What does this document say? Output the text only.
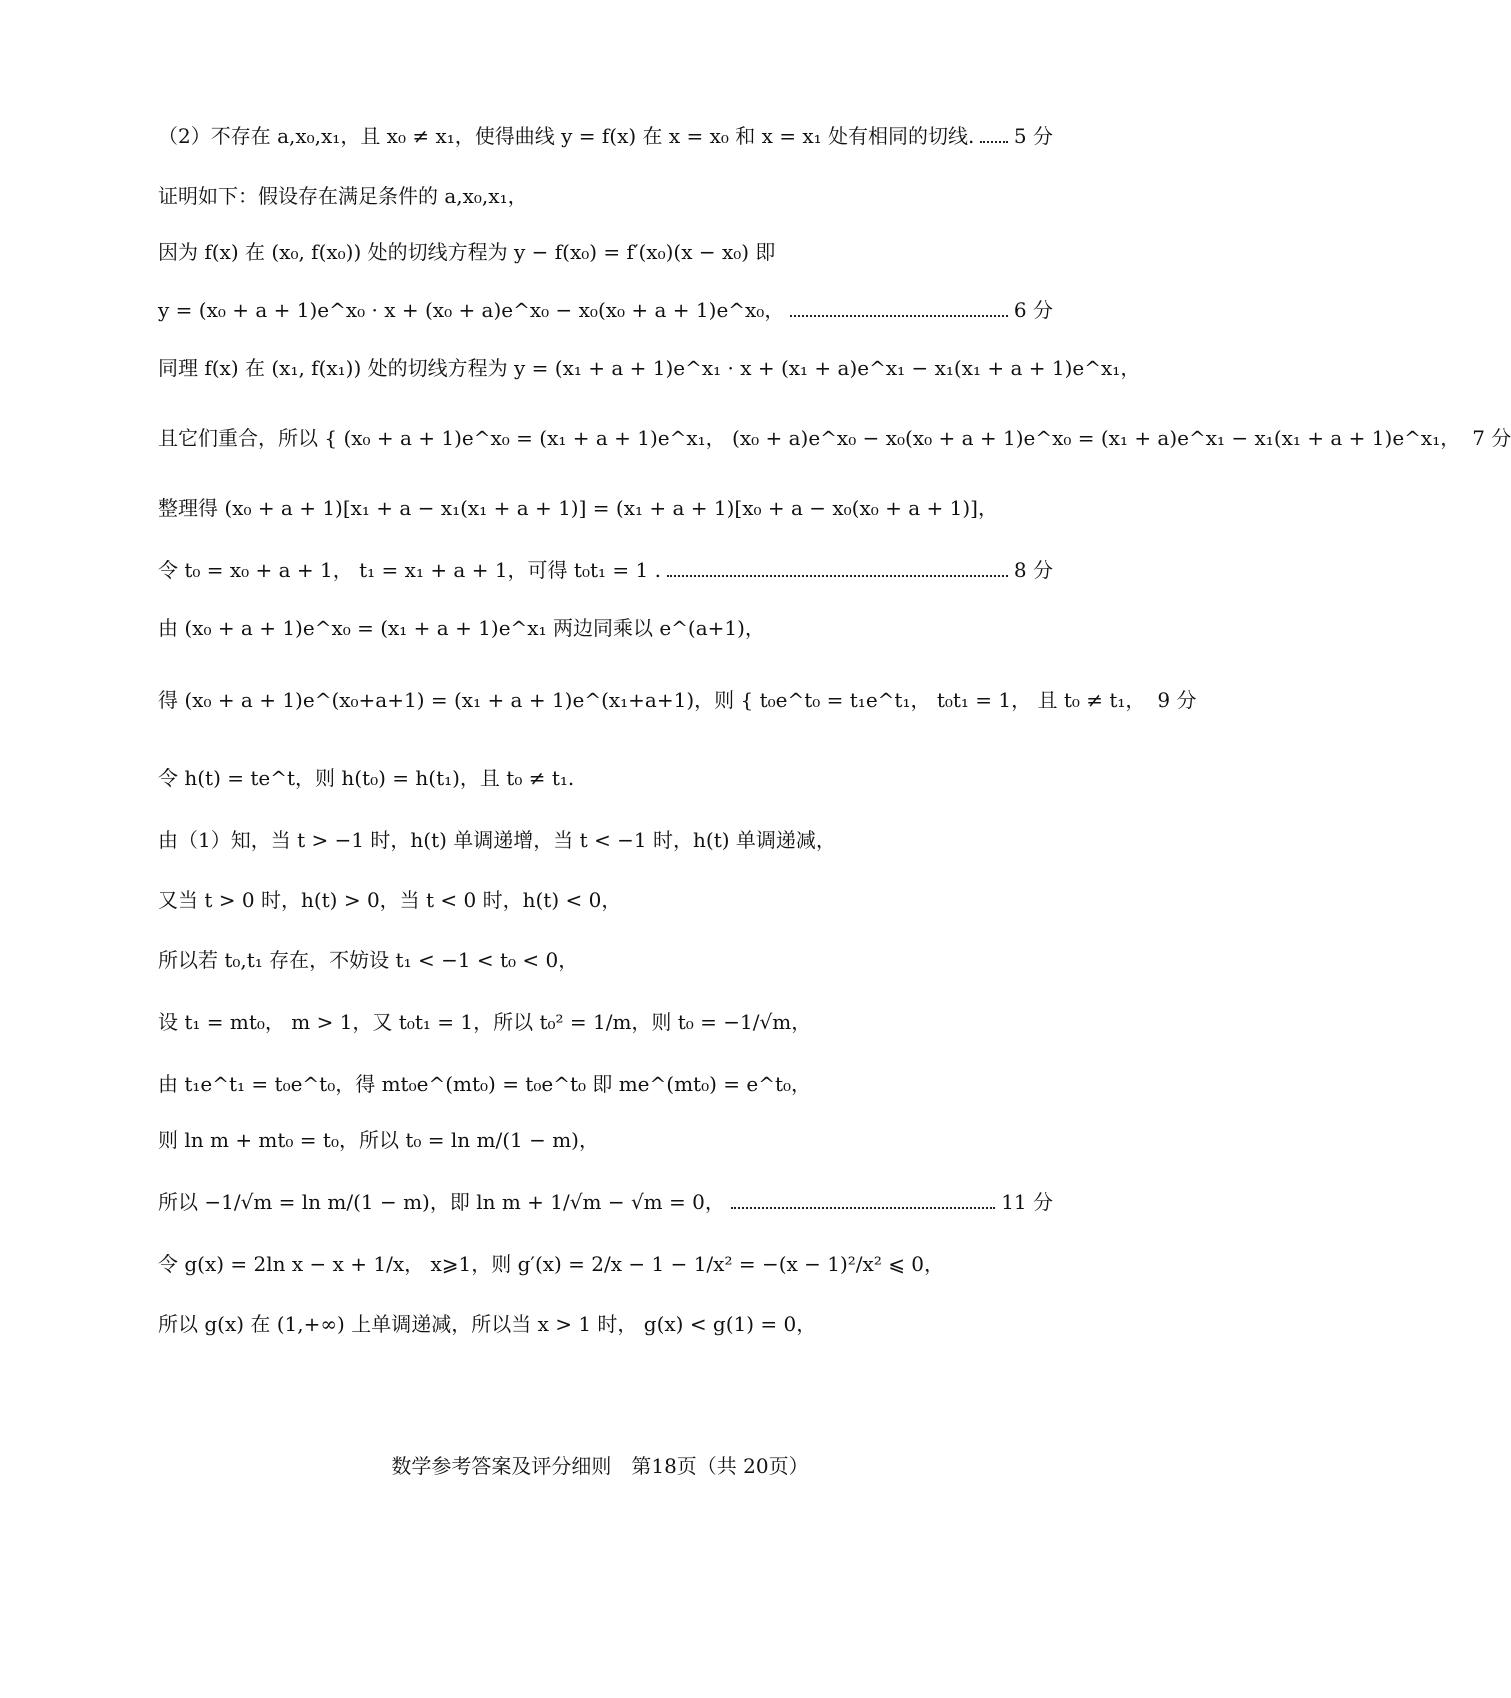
（2）不存在 a,x₀,x₁，且 x₀ ≠ x₁，使得曲线 y = f(x) 在 x = x₀ 和 x = x₁ 处有相同的切线. 5 分
证明如下：假设存在满足条件的 a,x₀,x₁，
因为 f(x) 在 (x₀, f(x₀)) 处的切线方程为 y − f(x₀) = f′(x₀)(x − x₀) 即
y = (x₀ + a + 1)e^x₀ · x + (x₀ + a)e^x₀ − x₀(x₀ + a + 1)e^x₀，	6 分
同理 f(x) 在 (x₁, f(x₁)) 处的切线方程为 y = (x₁ + a + 1)e^x₁ · x + (x₁ + a)e^x₁ − x₁(x₁ + a + 1)e^x₁，
且它们重合，所以 { (x₀ + a + 1)e^x₀ = (x₁ + a + 1)e^x₁， (x₀ + a)e^x₀ − x₀(x₀ + a + 1)e^x₀ = (x₁ + a)e^x₁ − x₁(x₁ + a + 1)e^x₁， 7 分
整理得 (x₀ + a + 1)[x₁ + a − x₁(x₁ + a + 1)] = (x₁ + a + 1)[x₀ + a − x₀(x₀ + a + 1)]，
令 t₀ = x₀ + a + 1， t₁ = x₁ + a + 1，可得 t₀t₁ = 1 .	8 分
由 (x₀ + a + 1)e^x₀ = (x₁ + a + 1)e^x₁ 两边同乘以 e^(a+1)，
得 (x₀ + a + 1)e^(x₀+a+1) = (x₁ + a + 1)e^(x₁+a+1)，则 { t₀e^t₀ = t₁e^t₁， t₀t₁ = 1， 且 t₀ ≠ t₁， 9 分
令 h(t) = te^t，则 h(t₀) = h(t₁)，且 t₀ ≠ t₁.
由（1）知，当 t > −1 时，h(t) 单调递增，当 t < −1 时，h(t) 单调递减，
又当 t > 0 时，h(t) > 0，当 t < 0 时，h(t) < 0，
所以若 t₀,t₁ 存在，不妨设 t₁ < −1 < t₀ < 0，
设 t₁ = mt₀， m > 1，又 t₀t₁ = 1，所以 t₀² = 1/m，则 t₀ = −1/√m，
由 t₁e^t₁ = t₀e^t₀，得 mt₀e^(mt₀) = t₀e^t₀ 即 me^(mt₀) = e^t₀，
则 ln m + mt₀ = t₀，所以 t₀ = ln m/(1 − m)，
所以 −1/√m = ln m/(1 − m)，即 ln m + 1/√m − √m = 0，	11 分
令 g(x) = 2ln x − x + 1/x， x⩾1，则 g′(x) = 2/x − 1 − 1/x² = −(x − 1)²/x² ⩽ 0，
所以 g(x) 在 (1,+∞) 上单调递减，所以当 x > 1 时， g(x) < g(1) = 0，
数学参考答案及评分细则　第18页（共 20页）
